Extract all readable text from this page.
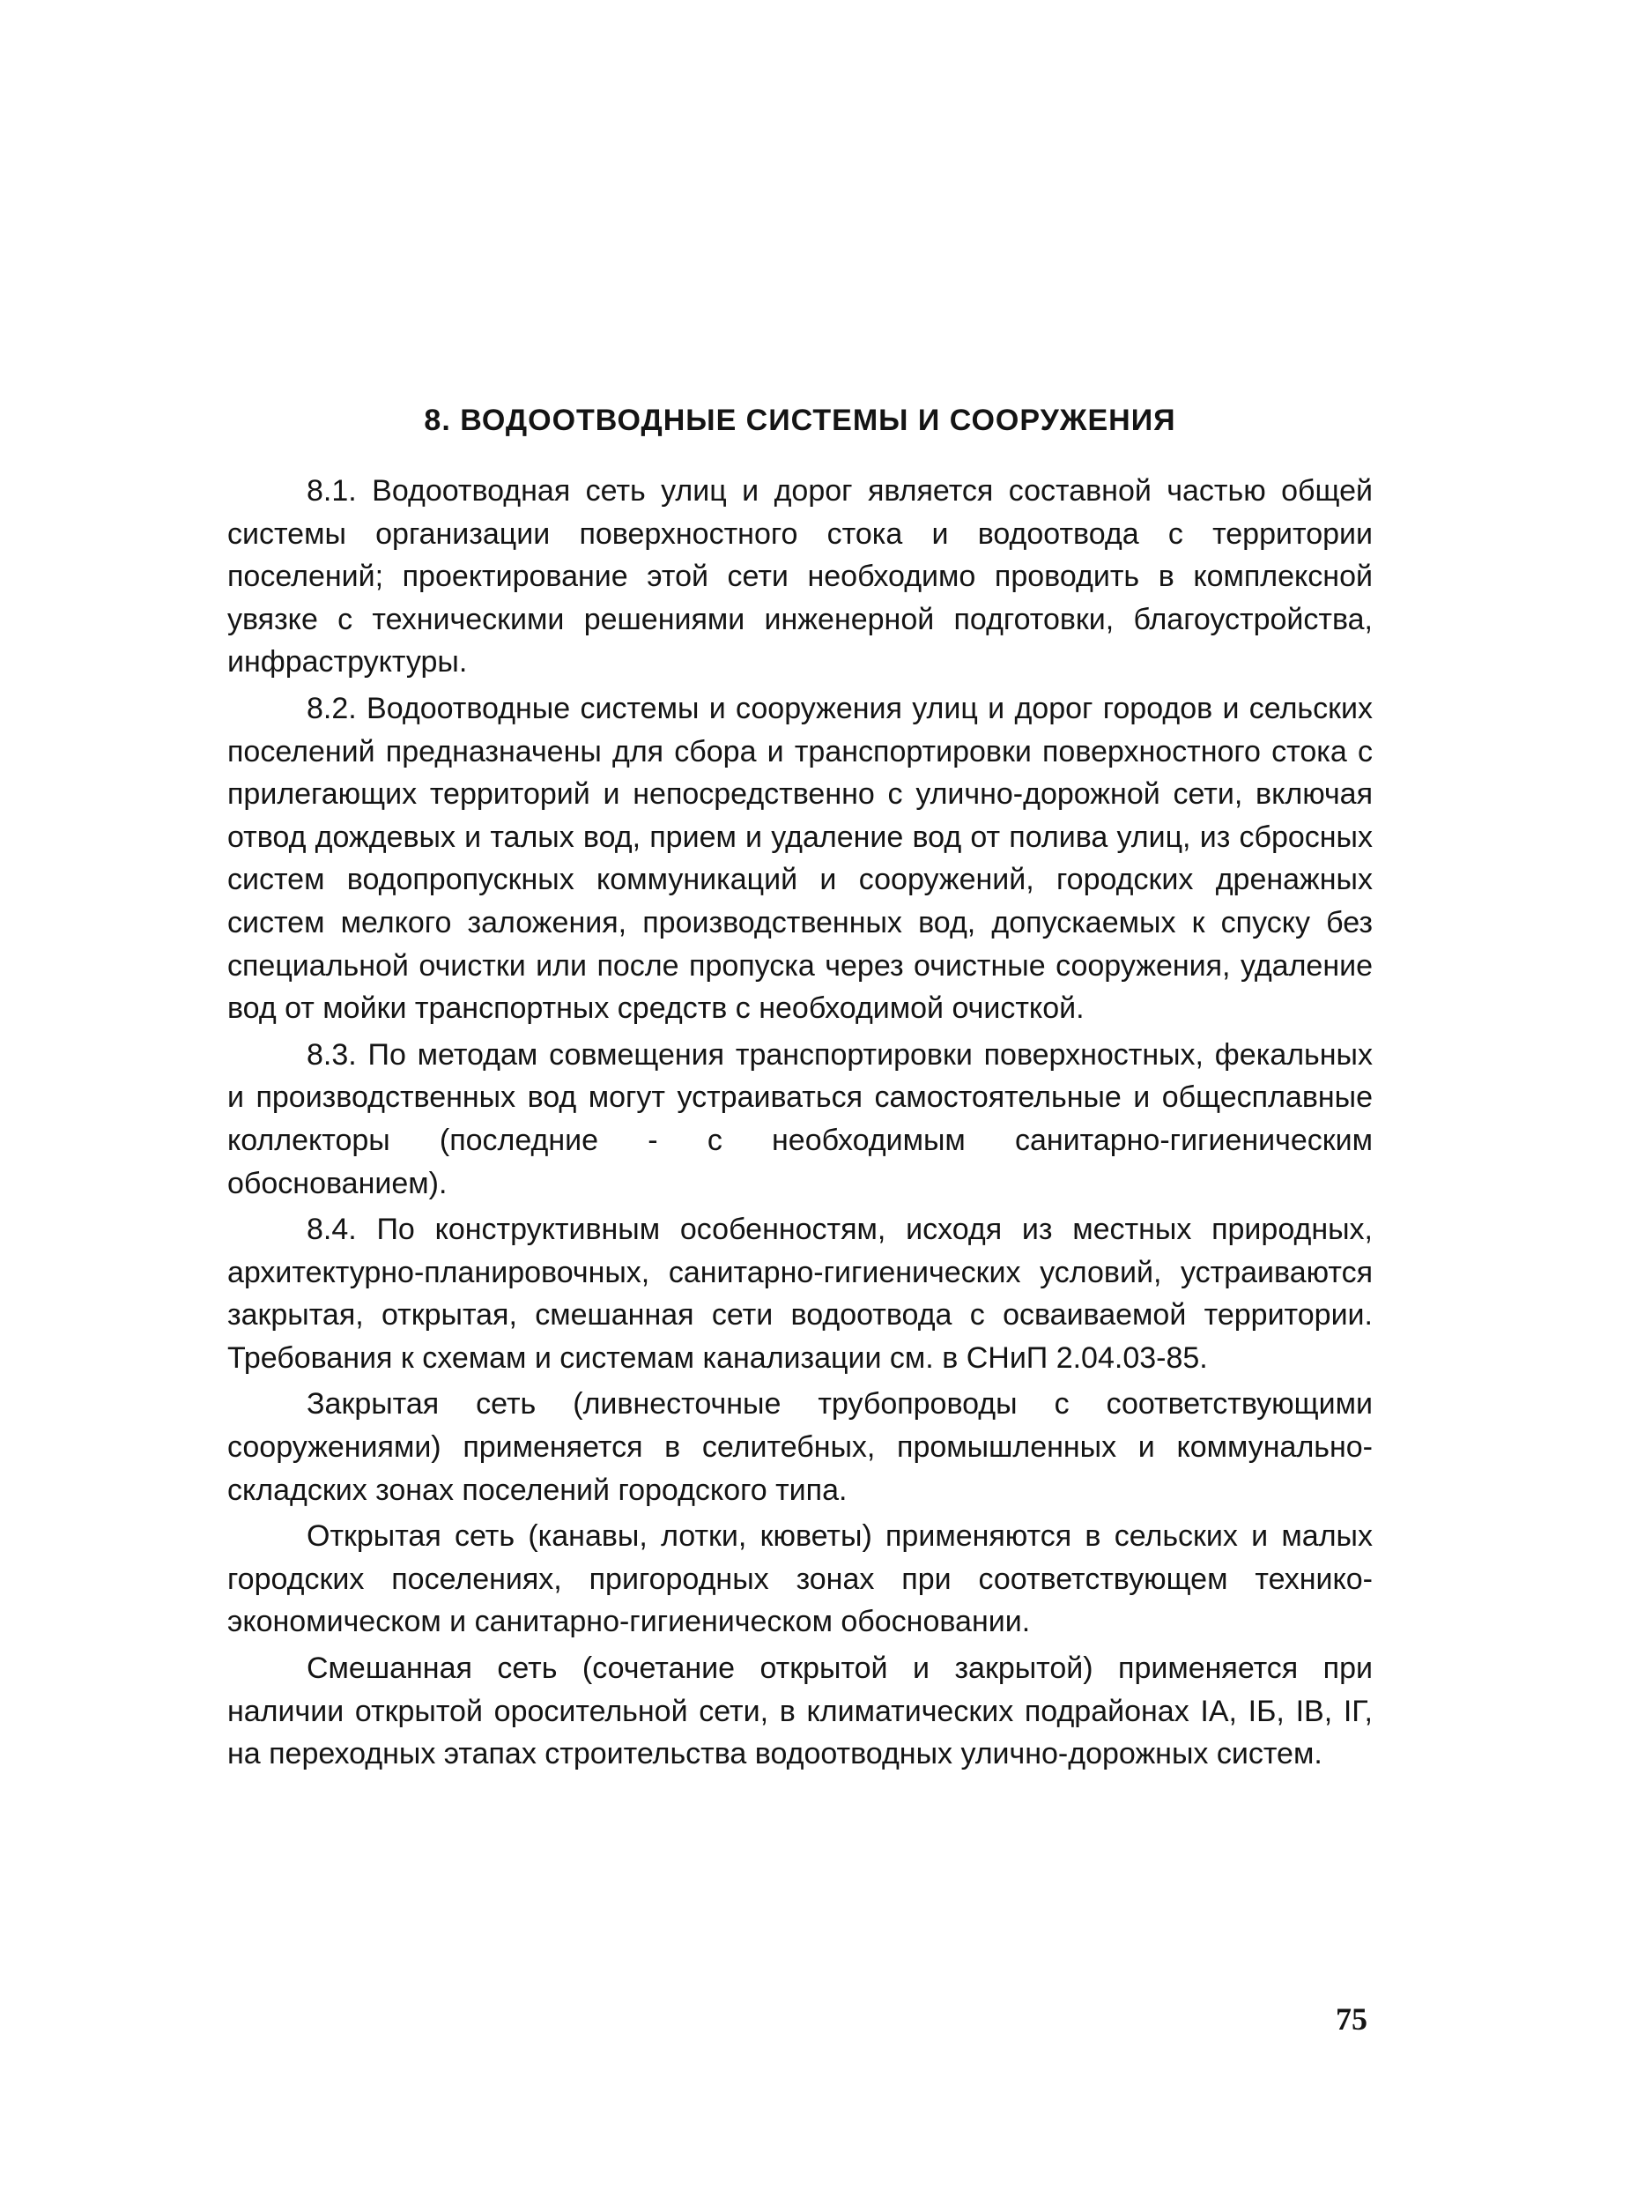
8. ВОДООТВОДНЫЕ СИСТЕМЫ И СООРУЖЕНИЯ

8.1. Водоотводная сеть улиц и дорог является составной частью общей системы организации поверхностного стока и водоотвода с территории поселений; проектирование этой сети необходимо проводить в комплексной увязке с техническими решениями инженерной подготовки, благоустройства, инфраструктуры.

8.2. Водоотводные системы и сооружения улиц и дорог городов и сельских поселений предназначены для сбора и транспортировки поверхностного стока с прилегающих территорий и непосредственно с улично-дорожной сети, включая отвод дождевых и талых вод, прием и удаление вод от полива улиц, из сбросных систем водопропускных коммуникаций и сооружений, городских дренажных систем мелкого заложения, производственных вод, допускаемых к спуску без специальной очистки или после пропуска через очистные сооружения, удаление вод от мойки транспортных средств с необходимой очисткой.

8.3. По методам совмещения транспортировки поверхностных, фекальных и производственных вод могут устраиваться самостоятельные и общесплавные коллекторы (последние - с необходимым санитарно-гигиеническим обоснованием).

8.4. По конструктивным особенностям, исходя из местных природных, архитектурно-планировочных, санитарно-гигиенических условий, устраиваются закрытая, открытая, смешанная сети водоотвода с осваиваемой территории. Требования к схемам и системам канализации см. в СНиП 2.04.03-85.

Закрытая сеть (ливнесточные трубопроводы с соответствующими сооружениями) применяется в селитебных, промышленных и коммунально-складских зонах поселений городского типа.

Открытая сеть (канавы, лотки, кюветы) применяются в сельских и малых городских поселениях, пригородных зонах при соответствующем технико-экономическом и санитарно-гигиеническом обосновании.

Смешанная сеть (сочетание открытой и закрытой) применяется при наличии открытой оросительной сети, в климатических подрайонах IА, IБ, IВ, IГ, на переходных этапах строительства водоотводных улично-дорожных систем.

75
